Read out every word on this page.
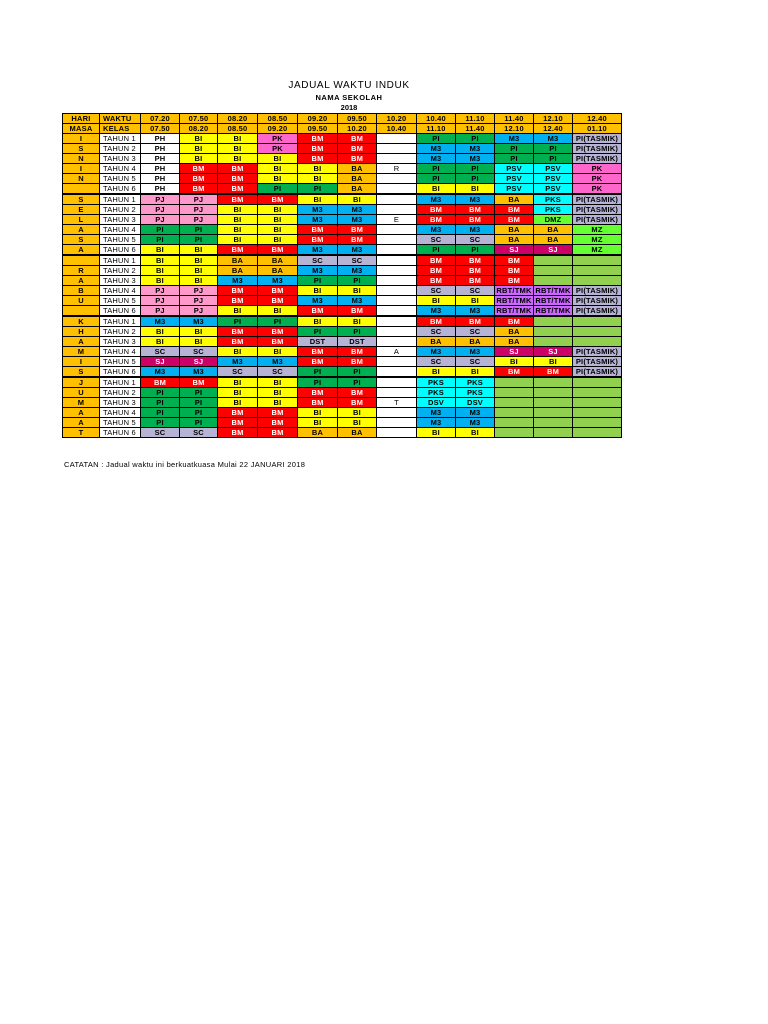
JADUAL WAKTU INDUK
NAMA SEKOLAH
2018
HARI	WAKTU	07.20	07.50	08.20	08.50	09.20	09.50	10.20	10.40	11.10	11.40	12.10	12.40
MASA	KELAS	07.50	08.20	08.50	09.20	09.50	10.20	10.40	11.10	11.40	12.10	12.40	01.10
I	TAHUN 1	PH	BI	BI	PK	BM	BM		PI	PI	M3	M3	PI(TASMIK)
S	TAHUN 2	PH	BI	BI	PK	BM	BM		M3	M3	PI	PI	PI(TASMIK)
N	TAHUN 3	PH	BI	BI	BI	BM	BM		M3	M3	PI	PI	PI(TASMIK)
I	TAHUN 4	PH	BM	BM	BI	BI	BA	R	PI	PI	PSV	PSV	PK
N	TAHUN 5	PH	BM	BM	BI	BI	BA		PI	PI	PSV	PSV	PK
	TAHUN 6	PH	BM	BM	PI	PI	BA		BI	BI	PSV	PSV	PK
S	TAHUN 1	PJ	PJ	BM	BM	BI	BI		M3	M3	BA	PKS	PI(TASMIK)
E	TAHUN 2	PJ	PJ	BI	BI	M3	M3		BM	BM	BM	PKS	PI(TASMIK)
L	TAHUN 3	PJ	PJ	BI	BI	M3	M3	E	BM	BM	BM	DMZ	PI(TASMIK)
A	TAHUN 4	PI	PI	BI	BI	BM	BM		M3	M3	BA	BA	MZ
S	TAHUN 5	PI	PI	BI	BI	BM	BM		SC	SC	BA	BA	MZ
A	TAHUN 6	BI	BI	BM	BM	M3	M3		PI	PI	SJ	SJ	MZ
	TAHUN 1	BI	BI	BA	BA	SC	SC		BM	BM	BM		
R	TAHUN 2	BI	BI	BA	BA	M3	M3		BM	BM	BM		
A	TAHUN 3	BI	BI	M3	M3	PI	PI		BM	BM	BM		
B	TAHUN 4	PJ	PJ	BM	BM	BI	BI		SC	SC	RBT/TMK	RBT/TMK	PI(TASMIK)
U	TAHUN 5	PJ	PJ	BM	BM	M3	M3		BI	BI	RBT/TMK	RBT/TMK	PI(TASMIK)
	TAHUN 6	PJ	PJ	BI	BI	BM	BM		M3	M3	RBT/TMK	RBT/TMK	PI(TASMIK)
K	TAHUN 1	M3	M3	PI	PI	BI	BI		BM	BM	BM		
H	TAHUN 2	BI	BI	BM	BM	PI	PI		SC	SC	BA		
A	TAHUN 3	BI	BI	BM	BM	DST	DST		BA	BA	BA		
M	TAHUN 4	SC	SC	BI	BI	BM	BM	A	M3	M3	SJ	SJ	PI(TASMIK)
I	TAHUN 5	SJ	SJ	M3	M3	BM	BM		SC	SC	BI	BI	PI(TASMIK)
S	TAHUN 6	M3	M3	SC	SC	PI	PI		BI	BI	BM	BM	PI(TASMIK)
J	TAHUN 1	BM	BM	BI	BI	PI	PI		PKS	PKS			
U	TAHUN 2	PI	PI	BI	BI	BM	BM		PKS	PKS			
M	TAHUN 3	PI	PI	BI	BI	BM	BM	T	DSV	DSV			
A	TAHUN 4	PI	PI	BM	BM	BI	BI		M3	M3			
A	TAHUN 5	PI	PI	BM	BM	BI	BI		M3	M3			
T	TAHUN 6	SC	SC	BM	BM	BA	BA		BI	BI			
CATATAN : Jadual waktu ini berkuatkuasa Mulai 22 JANUARI 2018
